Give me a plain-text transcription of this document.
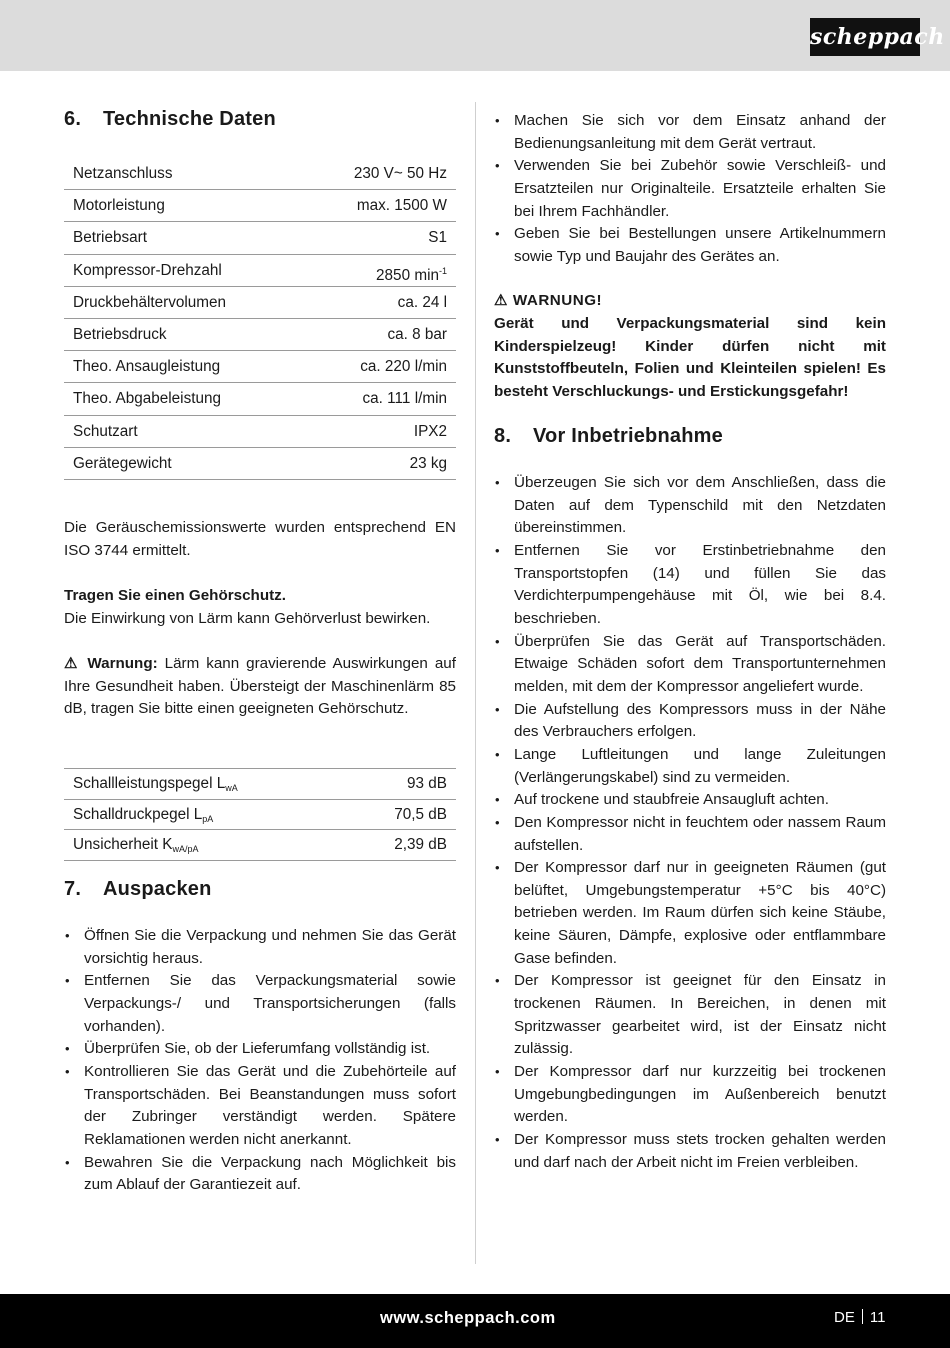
scheppach
6. Technische Daten
Netzanschluss	230 V~ 50 Hz
Motorleistung	max. 1500 W
Betriebsart	S1
Kompressor-Drehzahl	2850 $\min^{-1}$
Druckbehältervolumen	ca. 24 l
Betriebsdruck	ca. 8 bar
Theo. Ansaugleistung	ca. 220 l/min
Theo. Abgabeleistung	ca. 111 l/min
Schutzart	IPX2
Gerätegewicht	23 kg
Die Geräuschemissionswerte wurden entsprechend EN ISO 3744 ermittelt.
Tragen Sie einen Gehörschutz.
Die Einwirkung von Lärm kann Gehörverlust bewirken.
⚠ Warnung: Lärm kann gravierende Auswirkungen auf Ihre Gesundheit haben. Übersteigt der Maschinenlärm 85 dB, tragen Sie bitte einen geeigneten Gehörschutz.
Schallleistungspegel $L_{wA}$	93 dB
Schalldruckpegel $L_{pA}$	70,5 dB
Unsicherheit $K_{wA/pA}$	2,39 dB
7. Auspacken
• Öffnen Sie die Verpackung und nehmen Sie das Gerät vorsichtig heraus.
• Entfernen Sie das Verpackungsmaterial sowie Verpackungs-/ und Transportsicherungen (falls vorhanden).
• Überprüfen Sie, ob der Lieferumfang vollständig ist.
• Kontrollieren Sie das Gerät und die Zubehörteile auf Transportschäden. Bei Beanstandungen muss sofort der Zubringer verständigt werden. Spätere Reklamationen werden nicht anerkannt.
• Bewahren Sie die Verpackung nach Möglichkeit bis zum Ablauf der Garantiezeit auf.
• Machen Sie sich vor dem Einsatz anhand der Bedienungsanleitung mit dem Gerät vertraut.
• Verwenden Sie bei Zubehör sowie Verschleiß- und Ersatzteilen nur Originalteile. Ersatzteile erhalten Sie bei Ihrem Fachhändler.
• Geben Sie bei Bestellungen unsere Artikelnummern sowie Typ und Baujahr des Gerätes an.
⚠ WARNUNG!
Gerät und Verpackungsmaterial sind kein Kinderspielzeug! Kinder dürfen nicht mit Kunststoffbeuteln, Folien und Kleinteilen spielen! Es besteht Verschluckungs- und Erstickungsgefahr!
8. Vor Inbetriebnahme
• Überzeugen Sie sich vor dem Anschließen, dass die Daten auf dem Typenschild mit den Netzdaten übereinstimmen.
• Entfernen Sie vor Erstinbetriebnahme den Transportstopfen (14) und füllen Sie das Verdichterpumpengehäuse mit Öl, wie bei 8.4. beschrieben.
• Überprüfen Sie das Gerät auf Transportschäden. Etwaige Schäden sofort dem Transportunternehmen melden, mit dem der Kompressor angeliefert wurde.
• Die Aufstellung des Kompressors muss in der Nähe des Verbrauchers erfolgen.
• Lange Luftleitungen und lange Zuleitungen (Verlängerungskabel) sind zu vermeiden.
• Auf trockene und staubfreie Ansaugluft achten.
• Den Kompressor nicht in feuchtem oder nassem Raum aufstellen.
• Der Kompressor darf nur in geeigneten Räumen (gut belüftet, Umgebungstemperatur +5°C bis 40°C) betrieben werden. Im Raum dürfen sich keine Stäube, keine Säuren, Dämpfe, explosive oder entflammbare Gase befinden.
• Der Kompressor ist geeignet für den Einsatz in trockenen Räumen. In Bereichen, in denen mit Spritzwasser gearbeitet wird, ist der Einsatz nicht zulässig.
• Der Kompressor darf nur kurzzeitig bei trockenen Umgebungbedingungen im Außenbereich benutzt werden.
• Der Kompressor muss stets trocken gehalten werden und darf nach der Arbeit nicht im Freien verbleiben.
www.scheppach.com	DE 11
